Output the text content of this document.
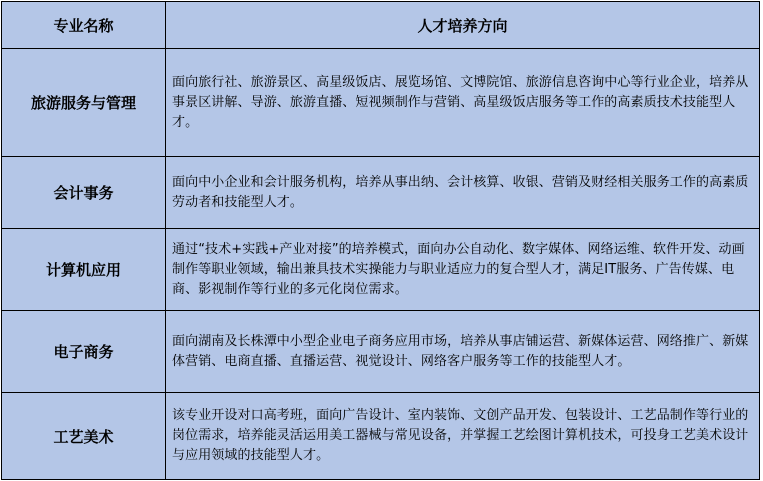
专业名称	人才培养方向
旅游服务与管理	面向旅行社、旅游景区、高星级饭店、展览场馆、文博院馆、旅游信息咨询中心等行业企业，培养从事景区讲解、导游、旅游直播、短视频制作与营销、高星级饭店服务等工作的高素质技术技能型人才。
会计事务	面向中小企业和会计服务机构，培养从事出纳、会计核算、收银、营销及财经相关服务工作的高素质劳动者和技能型人才。
计算机应用	通过“技术+实践+产业对接”的培养模式，面向办公自动化、数字媒体、网络运维、软件开发、动画制作等职业领域，输出兼具技术实操能力与职业适应力的复合型人才，满足IT服务、广告传媒、电商、影视制作等行业的多元化岗位需求。
电子商务	面向湖南及长株潭中小型企业电子商务应用市场，培养从事店铺运营、新媒体运营、网络推广、新媒体营销、电商直播、直播运营、视觉设计、网络客户服务等工作的技能型人才。
工艺美术	该专业开设对口高考班，面向广告设计、室内装饰、文创产品开发、包装设计、工艺品制作等行业的岗位需求，培养能灵活运用美工器械与常见设备，并掌握工艺绘图计算机技术，可投身工艺美术设计与应用领域的技能型人才。
